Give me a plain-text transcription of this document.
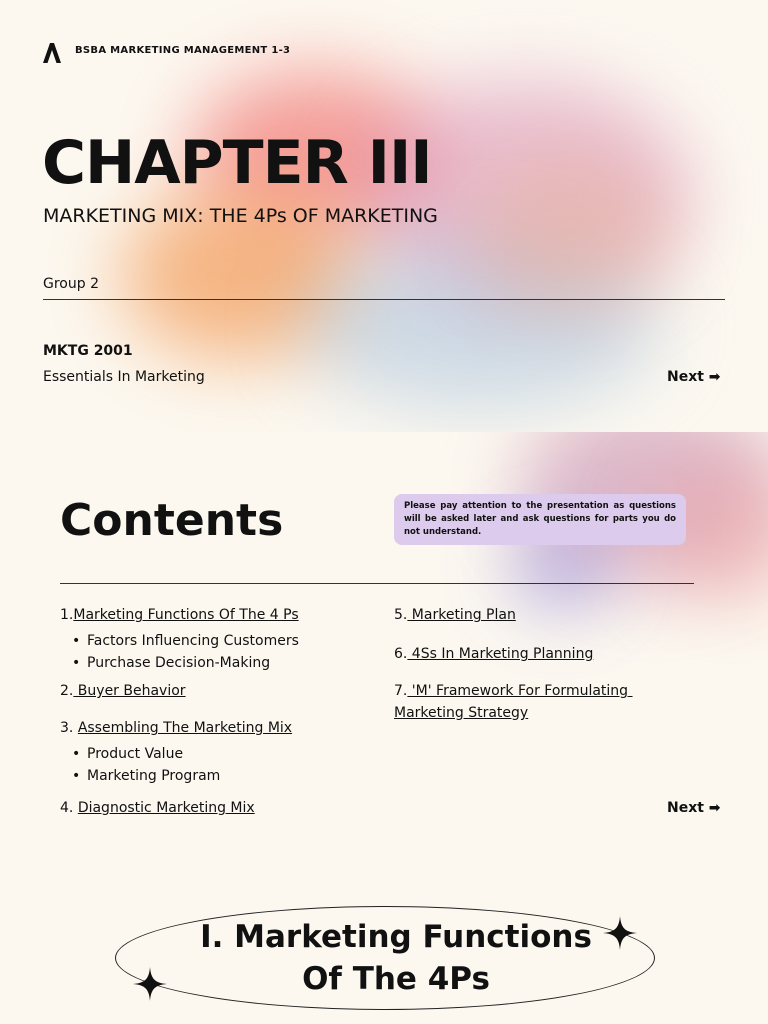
BSBA MARKETING MANAGEMENT 1-3
CHAPTER III
MARKETING MIX: THE 4Ps OF MARKETING
Group 2
MKTG 2001
Essentials In Marketing	Next ➡
Contents	Please pay attention to the presentation as questions will be asked later and ask questions for parts you do not understand.
1.Marketing Functions Of The 4 Ps
• Factors Influencing Customers
• Purchase Decision-Making
2. Buyer Behavior
3. Assembling The Marketing Mix
• Product Value
• Marketing Program
4. Diagnostic Marketing Mix
5. Marketing Plan
6. 4Ss In Marketing Planning
7. 'M' Framework For Formulating Marketing Strategy
Next ➡
I. Marketing Functions
Of The 4Ps
